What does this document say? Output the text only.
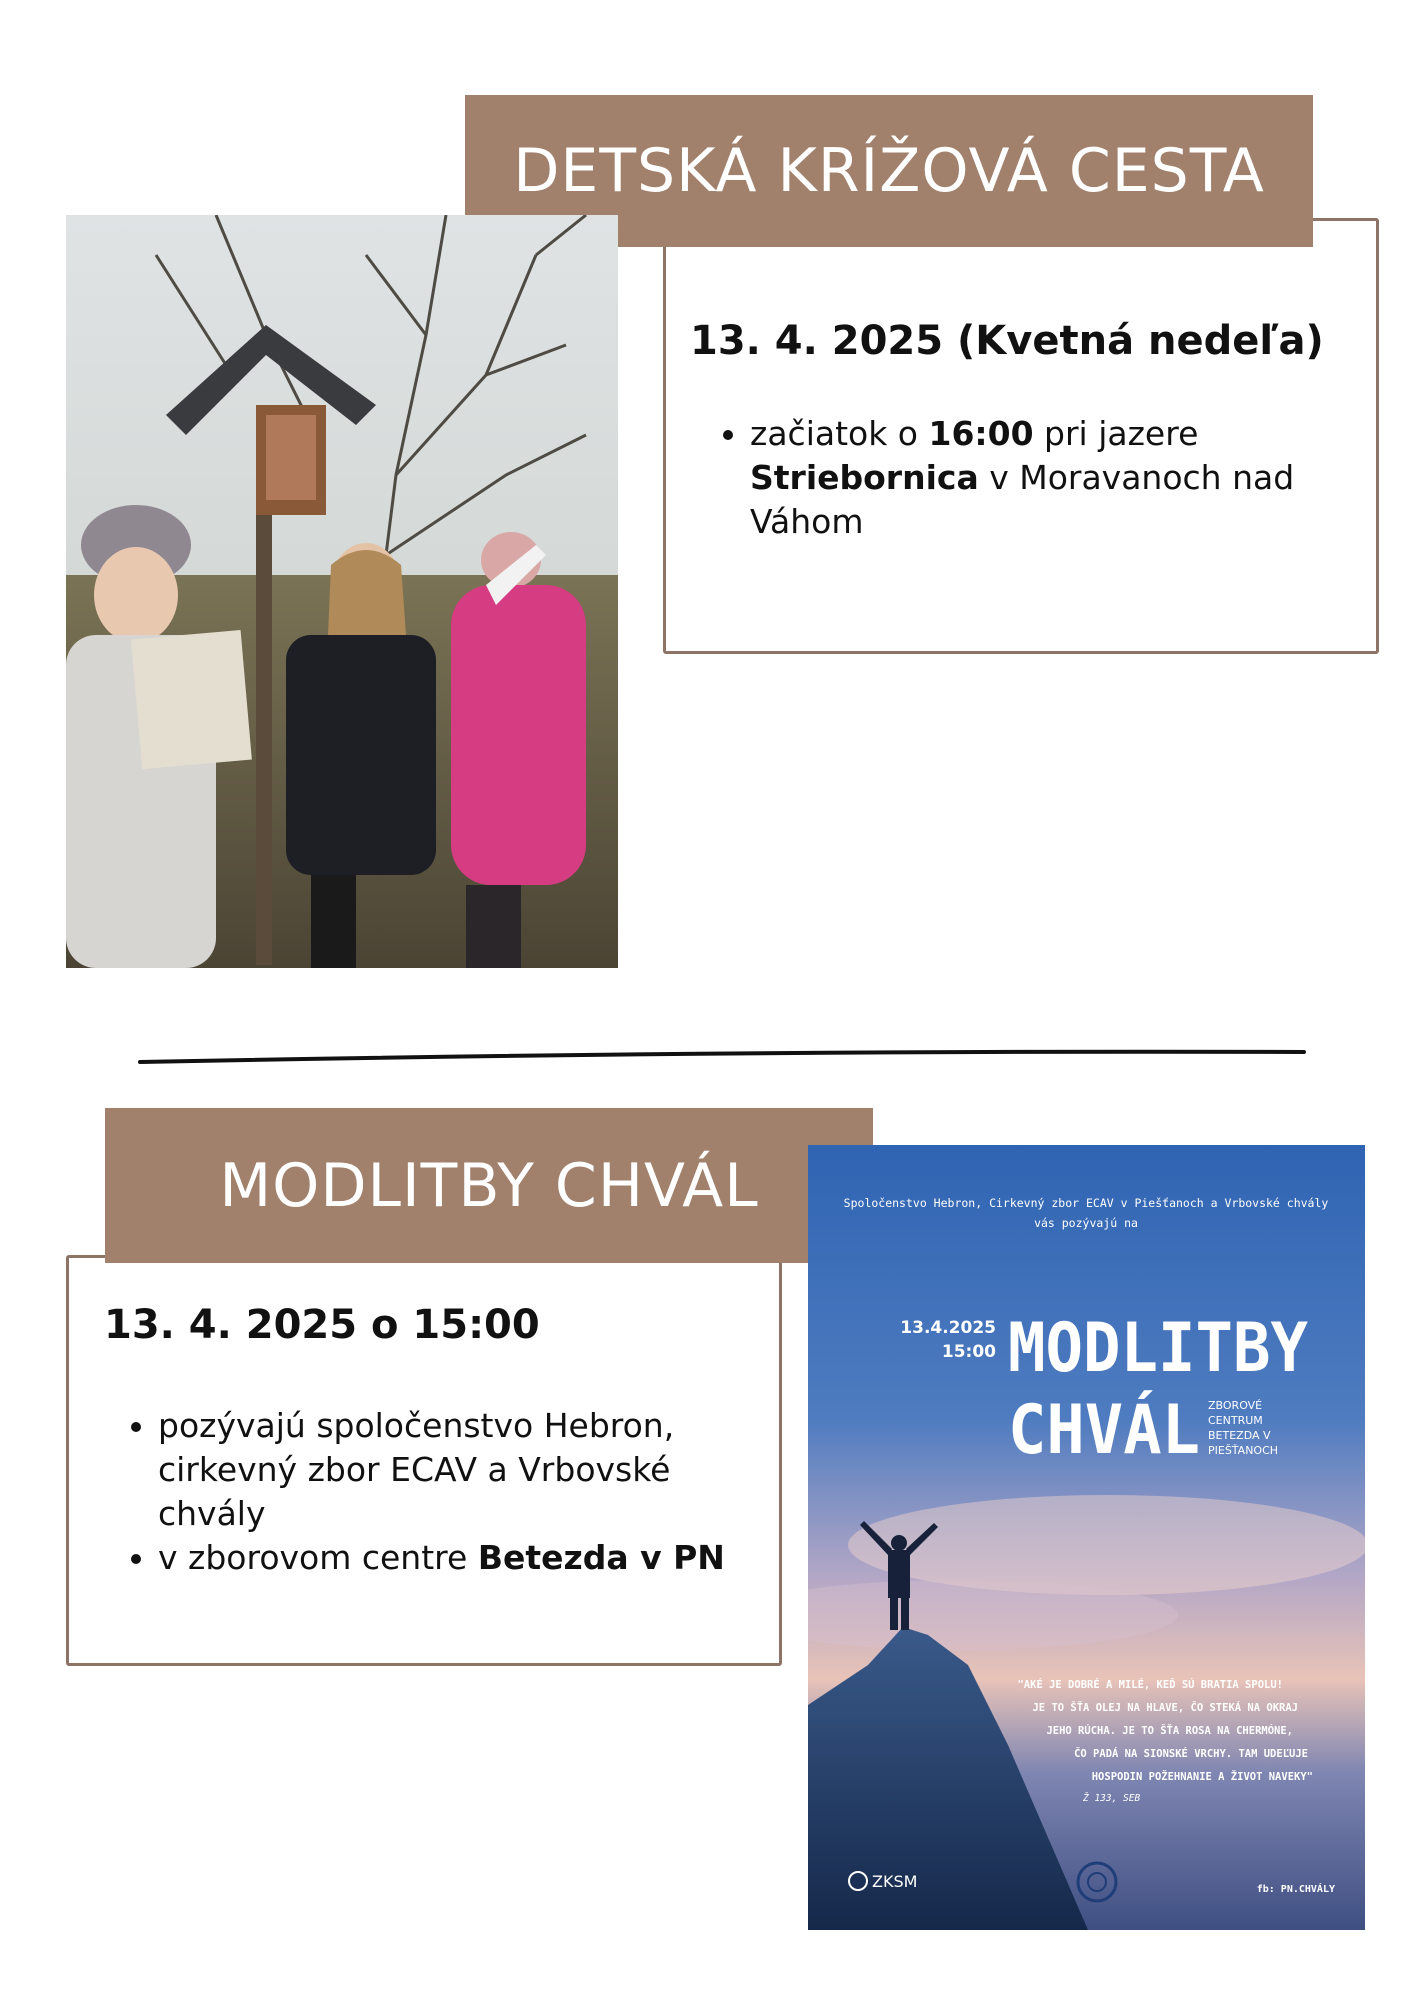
DETSKÁ KRÍŽOVÁ CESTA
13. 4. 2025 (Kvetná nedeľa)
• začiatok o 16:00 pri jazere Striebornica v Moravanoch nad Váhom
MODLITBY CHVÁL
13. 4. 2025 o 15:00
• pozývajú spoločenstvo Hebron, cirkevný zbor ECAV a Vrbovské chvály
• v zborovom centre Betezda v PN
Spoločenstvo Hebron, Cirkevný zbor ECAV v Piešťanoch a Vrbovské chvály
vás pozývajú na
13.4.2025
15:00 MODLITBY
CHVÁL
ZBOROVÉ
CENTRUM
BETEZDA V
PIEŠŤANOCH
"AKÉ JE DOBRÉ A MILÉ, KEĎ SÚ BRATIA SPOLU!
JE TO ŠŤA OLEJ NA HLAVE, ČO STEKÁ NA OKRAJ
JEHO RÚCHA. JE TO ŠŤA ROSA NA CHERMÓNE,
ČO PADÁ NA SIONSKÉ VRCHY. TAM UDEĽUJE
HOSPODIN POŽEHNANIE A ŽIVOT NAVEKY"
Ž 133, SEB
ZKSM	fb: PN.CHVÁLY
